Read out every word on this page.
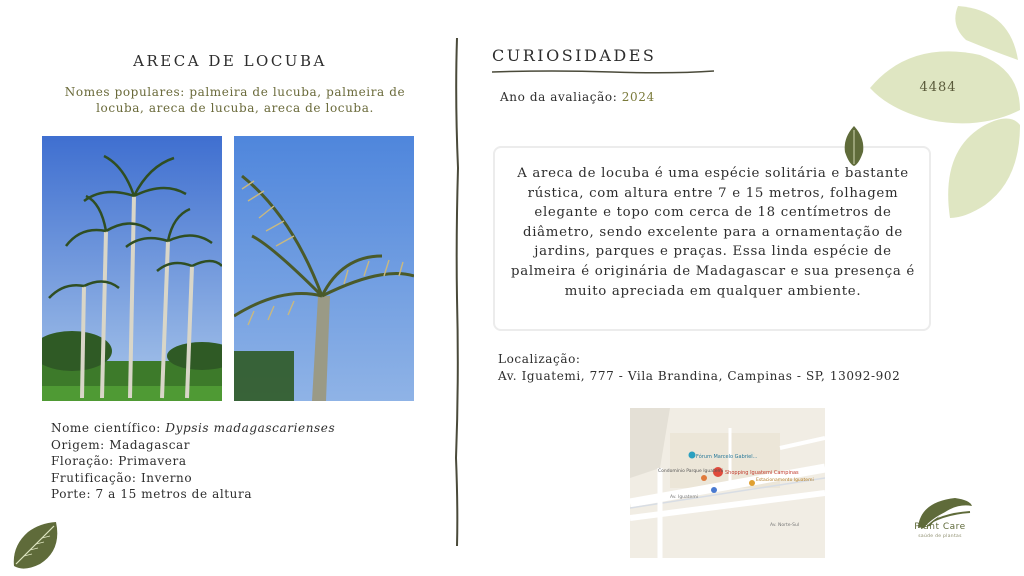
ARECA DE LOCUBA
Nomes populares: palmeira de lucuba, palmeira de locuba, areca de lucuba, areca de locuba.
Nome científico: Dypsis madagascarienses
Origem: Madagascar
Floração: Primavera
Frutificação: Inverno
Porte: 7 a 15 metros de altura
CURIOSIDADES
Ano da avaliação: 2024
A areca de locuba é uma espécie solitária e bastante rústica, com altura entre 7 e 15 metros, folhagem elegante e topo com cerca de 18 centímetros de diâmetro, sendo excelente para a ornamentação de jardins, parques e praças. Essa linda espécie de palmeira é originária de Madagascar e sua presença é muito apreciada em qualquer ambiente.
Localização:
Av. Iguatemi, 777 - Vila Brandina, Campinas - SP, 13092-902
Fórum Marcelo Gabriel...
Shopping Iguatemi Campinas
Condomínio Parque Iguatemi
Estacionamento Iguatemi
Av. Iguatemi
Av. Norte-Sul
4484
Plant Care
saúde de plantas
